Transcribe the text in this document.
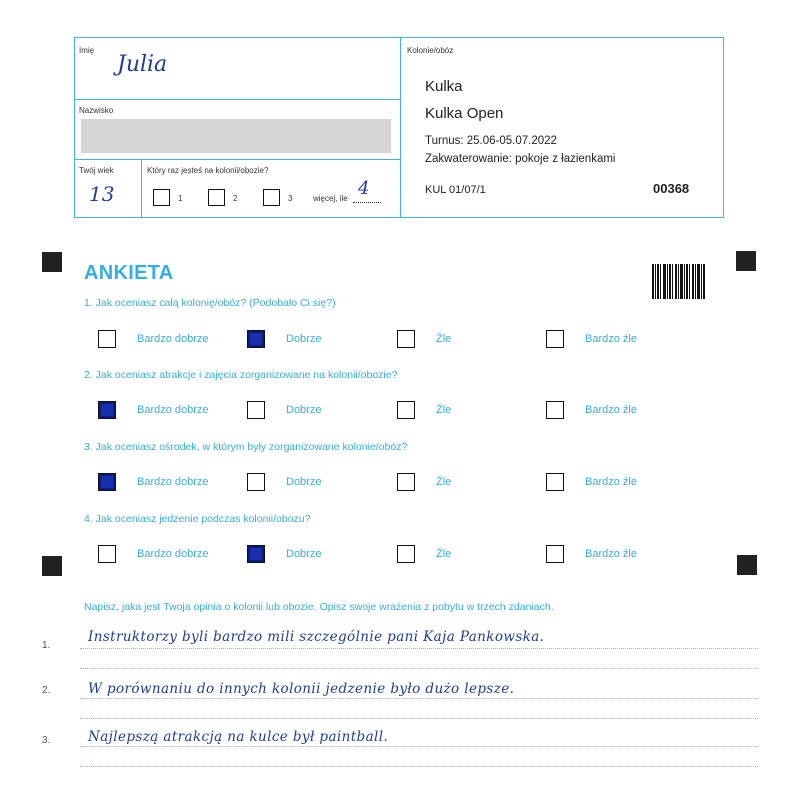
Imię
Julia
Nazwisko
Twój wiek
13
Który raz jesteś na kolonii/obozie?
1	2	3	więcej, ile 4
Kolonie/obóz
Kulka
Kulka Open
Turnus: 25.06-05.07.2022
Zakwaterowanie: pokoje z łazienkami
KUL 01/07/1	00368
ANKIETA
1. Jak oceniasz całą kolonię/obóz? (Podobało Ci się?)
2. Jak oceniasz atrakcje i zajęcia zorganizowane na kolonii/obozie?
3. Jak oceniasz ośrodek, w którym były zorganizowane kolonie/obóz?
4. Jak oceniasz jedzenie podczas kolonii/obozu?
Bardzo dobrze	Dobrze	Źle	Bardzo źle
Bardzo dobrze	Dobrze	Źle	Bardzo źle
Bardzo dobrze	Dobrze	Źle	Bardzo źle
Bardzo dobrze	Dobrze	Źle	Bardzo źle
Napisz, jaka jest Twoja opinia o kolonii lub obozie. Opisz swoje wrażenia z pobytu w trzech zdaniach.
1.
Instruktorzy byli bardzo mili szczególnie pani Kaja Pankowska.
2.	W porównaniu do innych kolonii jedzenie było dużo lepsze.
3.	Najlepszą atrakcją na kulce był paintball.
